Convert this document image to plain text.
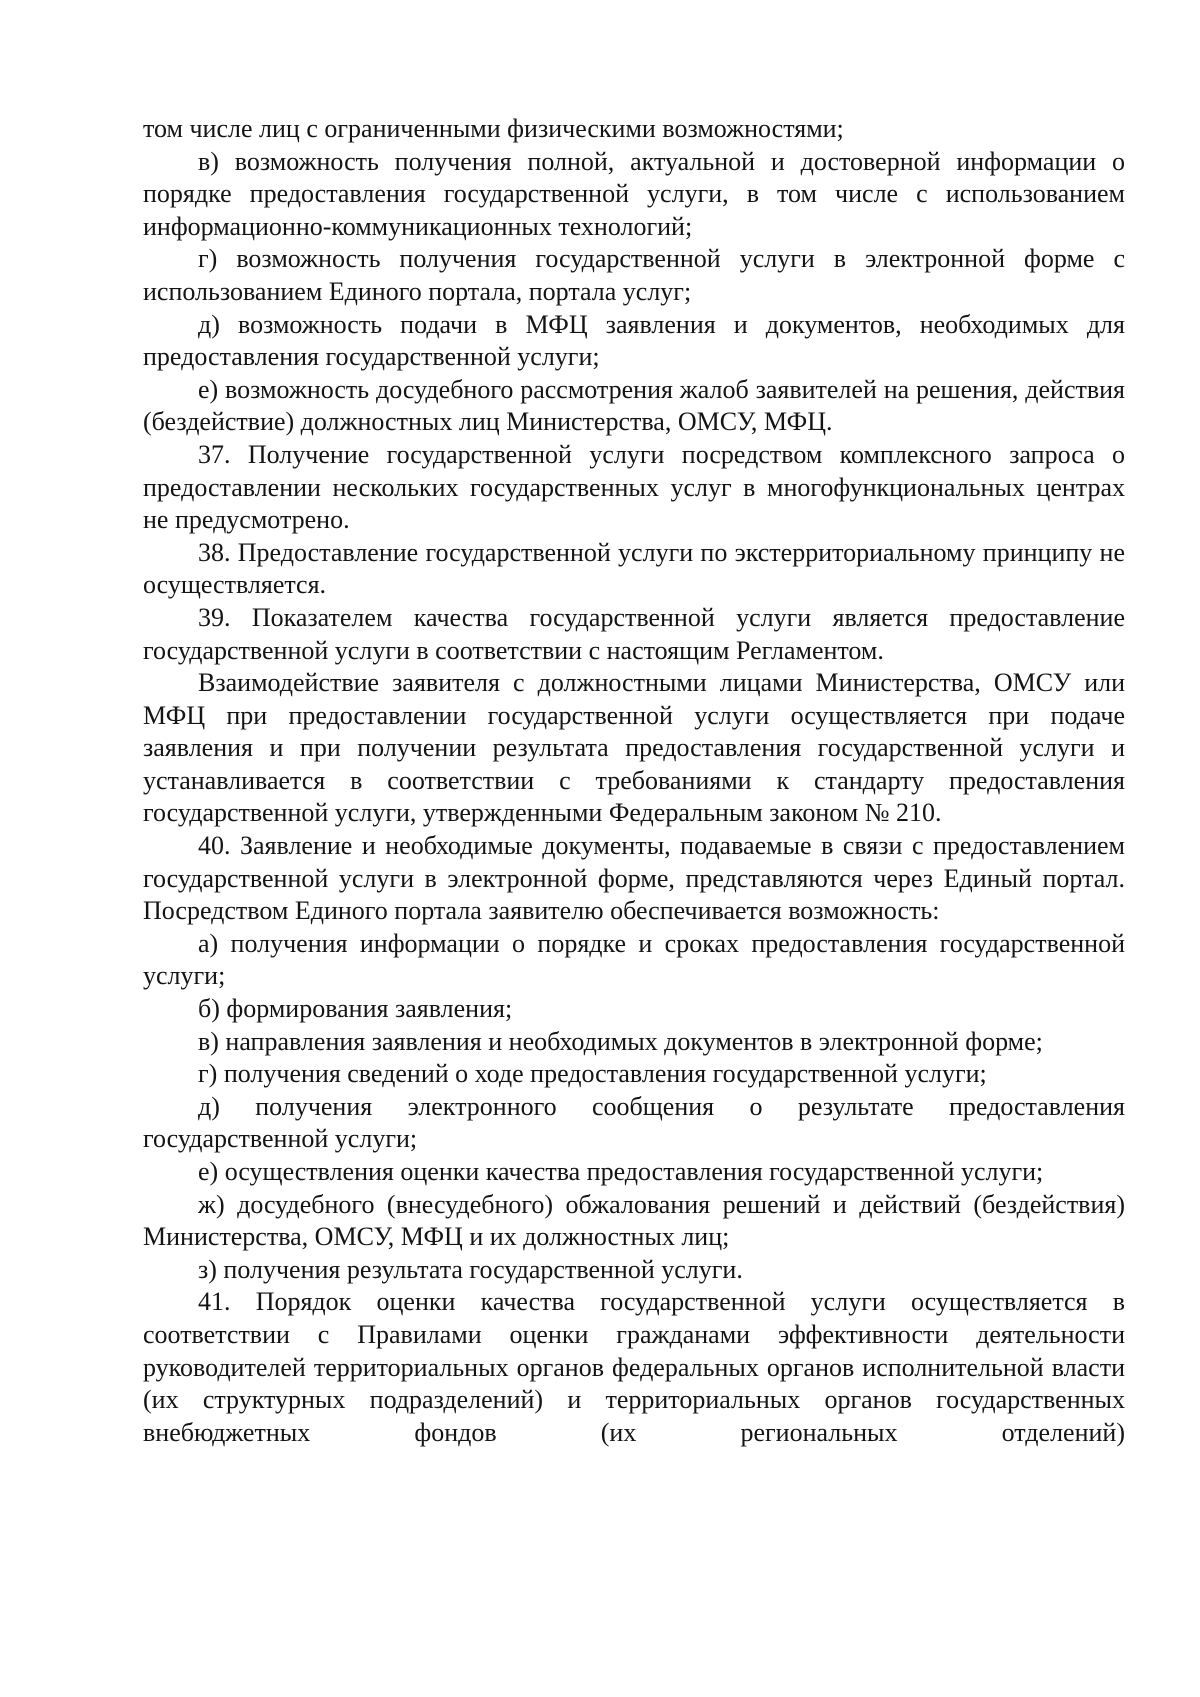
том числе лиц с ограниченными физическими возможностями;

в) возможность получения полной, актуальной и достоверной информации о порядке предоставления государственной услуги, в том числе с использованием информационно-коммуникационных технологий;

г) возможность получения государственной услуги в электронной форме с использованием Единого портала, портала услуг;

д) возможность подачи в МФЦ заявления и документов, необходимых для предоставления государственной услуги;

е) возможность досудебного рассмотрения жалоб заявителей на решения, действия (бездействие) должностных лиц Министерства, ОМСУ, МФЦ.

37. Получение государственной услуги посредством комплексного запроса о предоставлении нескольких государственных услуг в многофункциональных центрах не предусмотрено.

38. Предоставление государственной услуги по экстерриториальному принципу не осуществляется.

39. Показателем качества государственной услуги является предоставление государственной услуги в соответствии с настоящим Регламентом.

Взаимодействие заявителя с должностными лицами Министерства, ОМСУ или МФЦ при предоставлении государственной услуги осуществляется при подаче заявления и при получении результата предоставления государственной услуги и устанавливается в соответствии с требованиями к стандарту предоставления государственной услуги, утвержденными Федеральным законом № 210.

40. Заявление и необходимые документы, подаваемые в связи с предоставлением государственной услуги в электронной форме, представляются через Единый портал. Посредством Единого портала заявителю обеспечивается возможность:

а) получения информации о порядке и сроках предоставления государственной услуги;

б) формирования заявления;

в) направления заявления и необходимых документов в электронной форме;

г) получения сведений о ходе предоставления государственной услуги;

д) получения электронного сообщения о результате предоставления государственной услуги;

е) осуществления оценки качества предоставления государственной услуги;

ж) досудебного (внесудебного) обжалования решений и действий (бездействия) Министерства, ОМСУ, МФЦ и их должностных лиц;

з) получения результата государственной услуги.

41. Порядок оценки качества государственной услуги осуществляется в соответствии с Правилами оценки гражданами эффективности деятельности руководителей территориальных органов федеральных органов исполнительной власти (их структурных подразделений) и территориальных органов государственных внебюджетных фондов (их региональных отделений)
